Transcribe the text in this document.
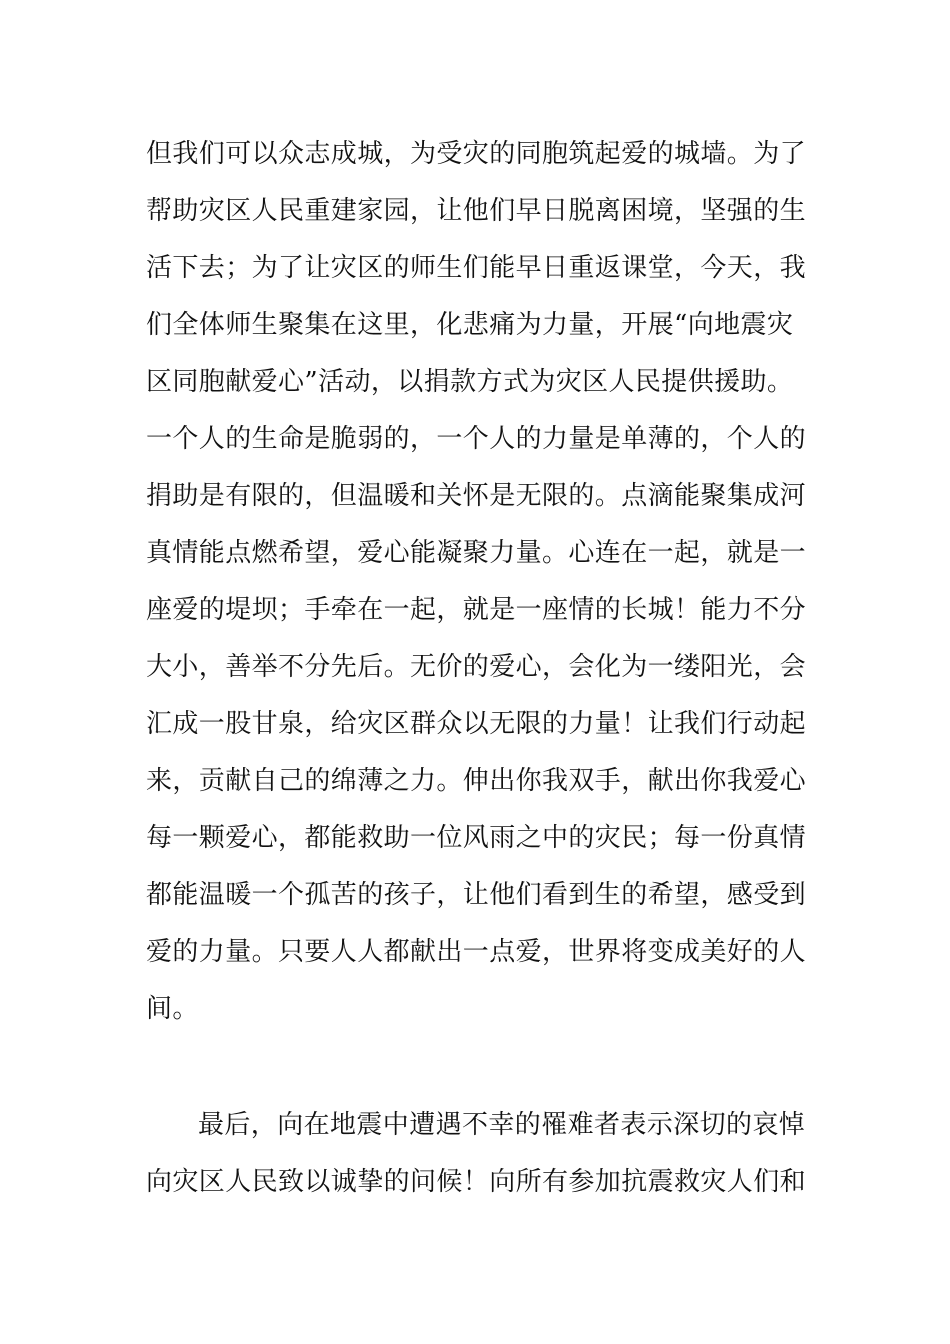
但我们可以众志成城，为受灾的同胞筑起爱的城墙。为了
帮助灾区人民重建家园，让他们早日脱离困境，坚强的生
活下去；为了让灾区的师生们能早日重返课堂，今天，我
们全体师生聚集在这里，化悲痛为力量，开展“向地震灾
区同胞献爱心”活动，以捐款方式为灾区人民提供援助。
一个人的生命是脆弱的，一个人的力量是单薄的，个人的
捐助是有限的，但温暖和关怀是无限的。点滴能聚集成河
真情能点燃希望，爱心能凝聚力量。心连在一起，就是一
座爱的堤坝；手牵在一起，就是一座情的长城！能力不分
大小，善举不分先后。无价的爱心，会化为一缕阳光，会
汇成一股甘泉，给灾区群众以无限的力量！让我们行动起
来，贡献自己的绵薄之力。伸出你我双手，献出你我爱心
每一颗爱心，都能救助一位风雨之中的灾民；每一份真情
都能温暖一个孤苦的孩子，让他们看到生的希望，感受到
爱的力量。只要人人都献出一点爱，世界将变成美好的人
间。
最后，向在地震中遭遇不幸的罹难者表示深切的哀悼
向灾区人民致以诚挚的问候！向所有参加抗震救灾人们和
